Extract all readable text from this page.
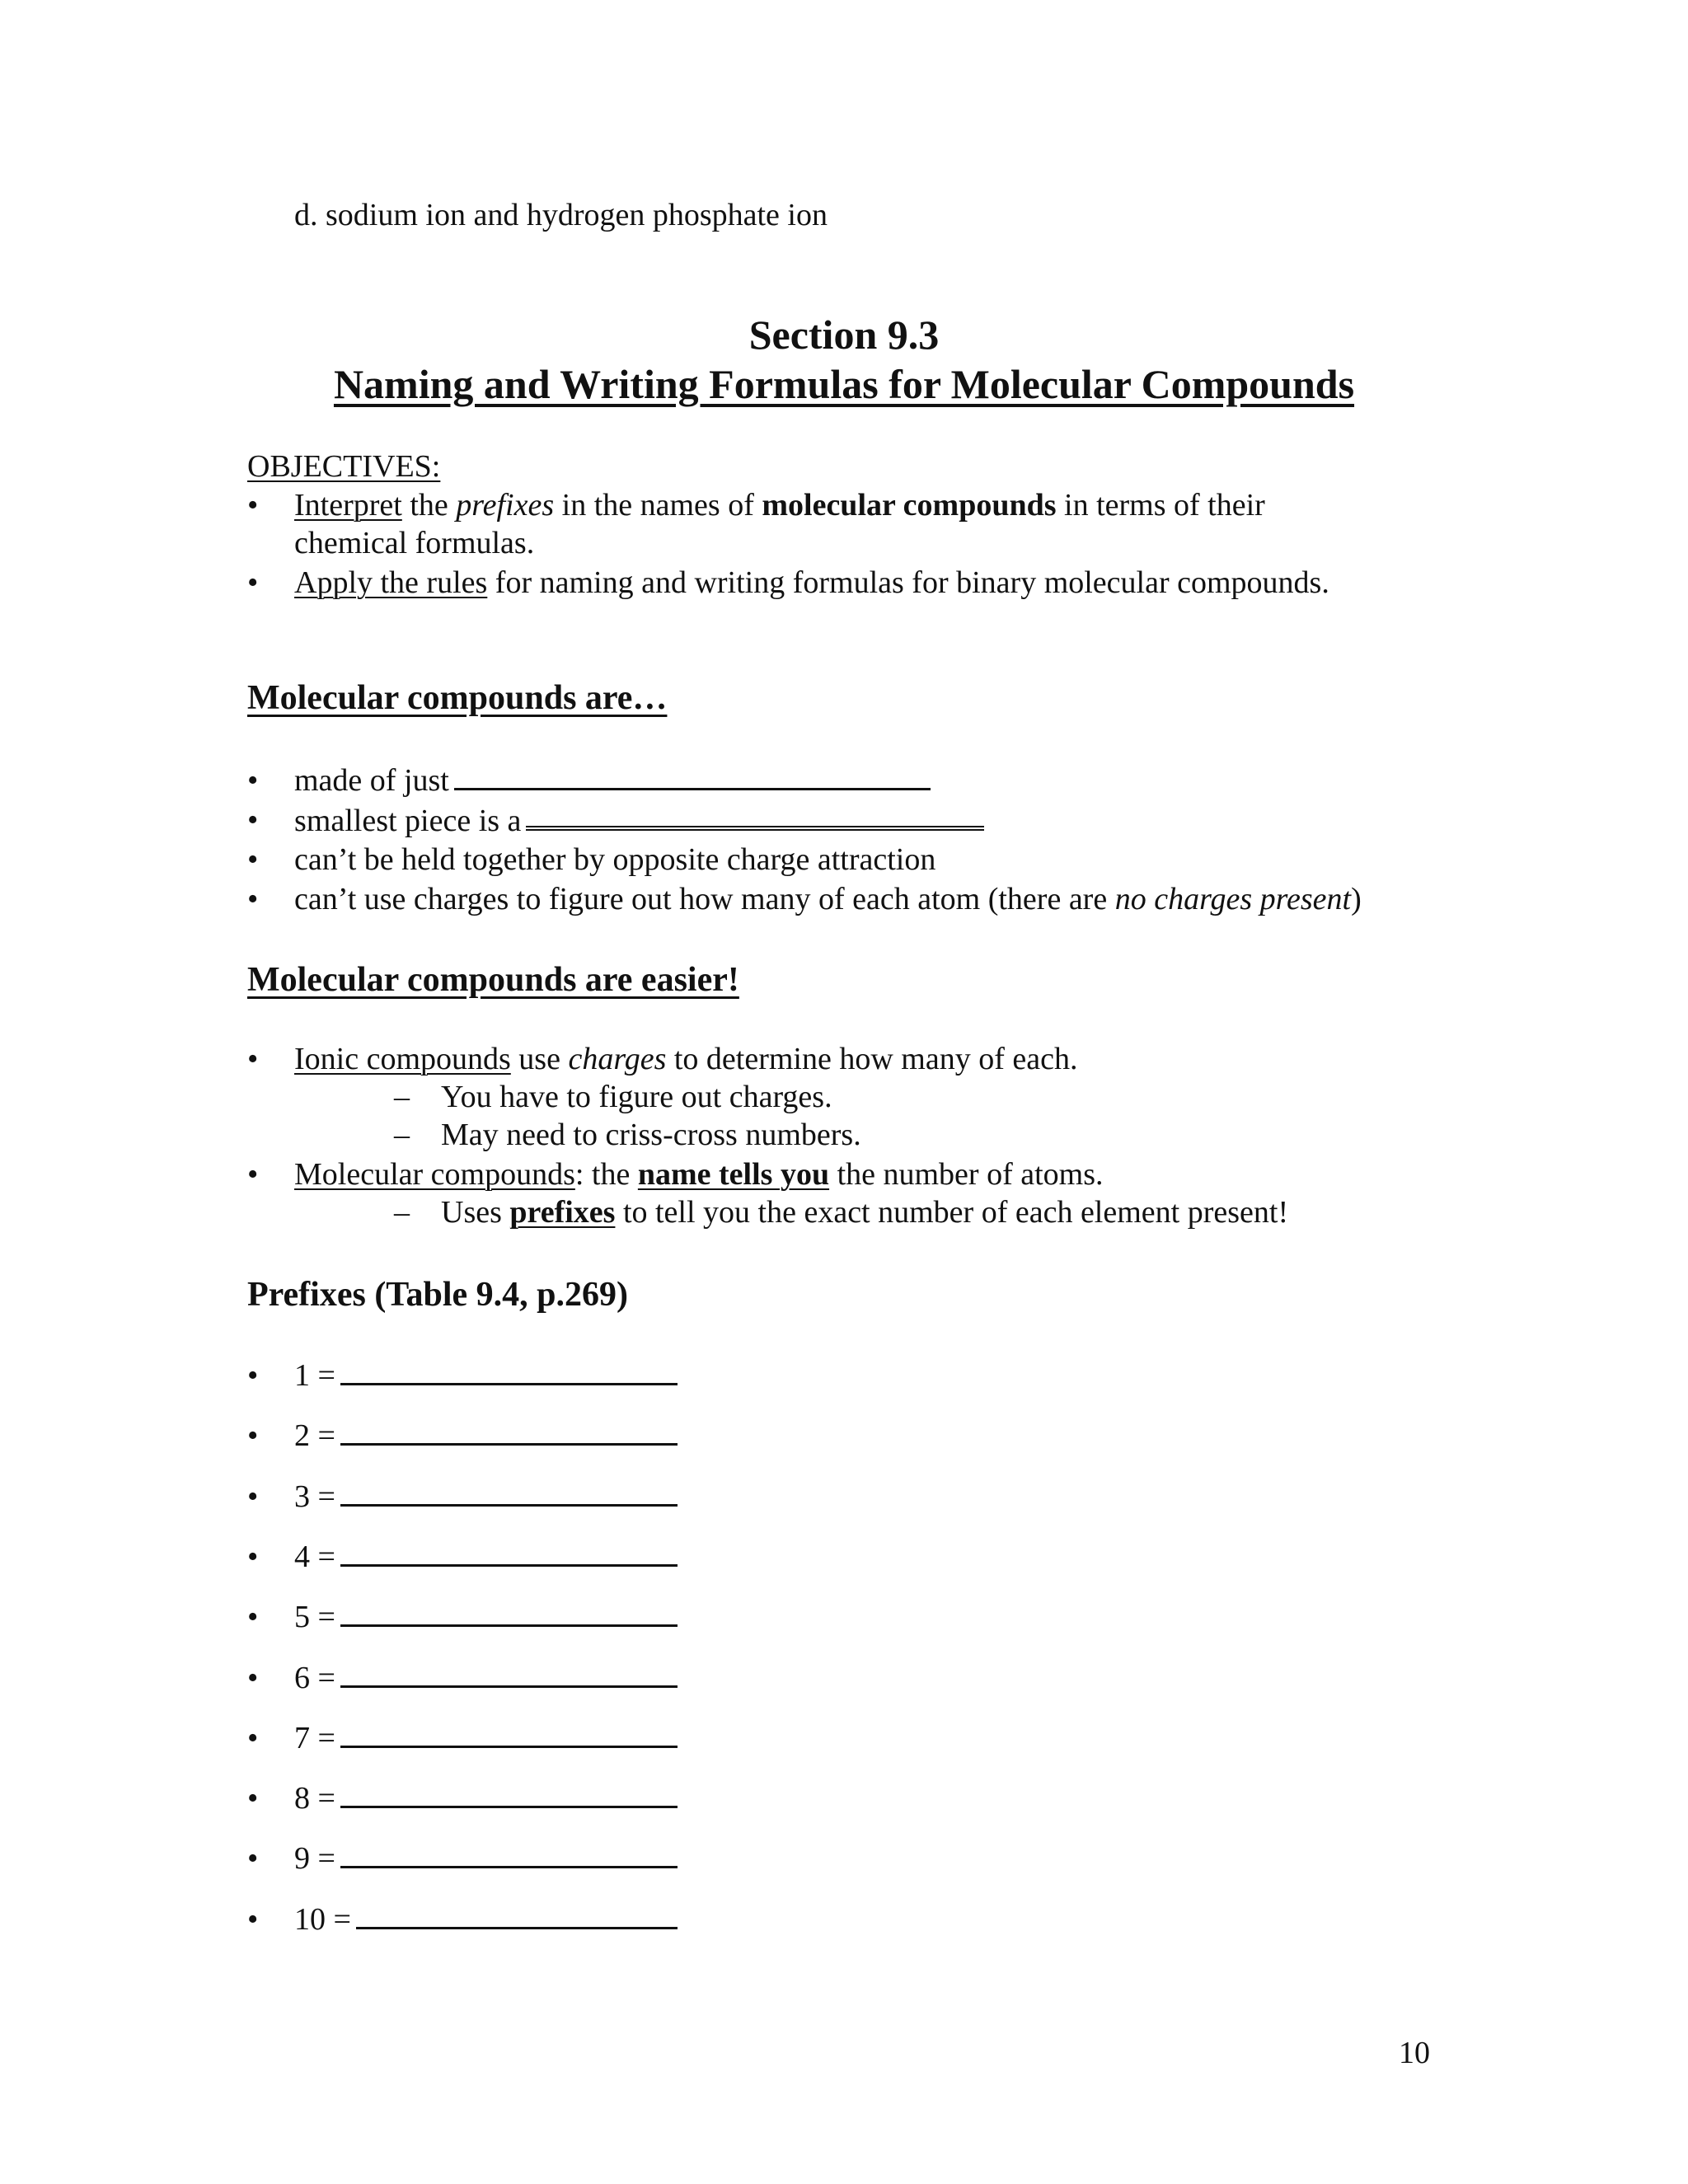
d. sodium ion and hydrogen phosphate ion
Section 9.3
Naming and Writing Formulas for Molecular Compounds
OBJECTIVES:
• Interpret the prefixes in the names of molecular compounds in terms of their
chemical formulas.
• Apply the rules for naming and writing formulas for binary molecular compounds.
Molecular compounds are…
• made of just
• smallest piece is a
• can’t be held together by opposite charge attraction
• can’t use charges to figure out how many of each atom (there are no charges present)
Molecular compounds are easier!
• Ionic compounds use charges to determine how many of each.
– You have to figure out charges.
– May need to criss-cross numbers.
• Molecular compounds: the name tells you the number of atoms.
– Uses prefixes to tell you the exact number of each element present!
Prefixes (Table 9.4, p.269)
• 1 =
• 2 =
• 3 =
• 4 =
• 5 =
• 6 =
• 7 =
• 8 =
• 9 =
• 10 =
10
